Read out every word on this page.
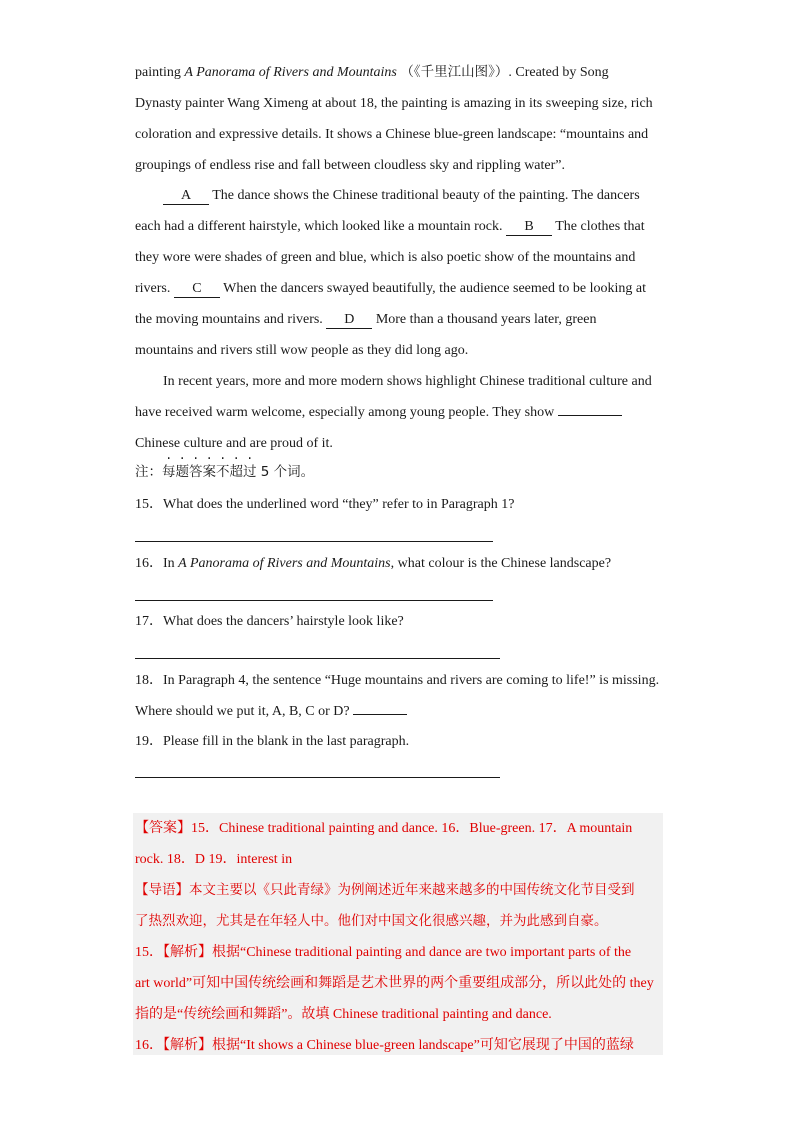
painting A Panorama of Rivers and Mountains （《千里江山图》）. Created by Song
Dynasty painter Wang Ximeng at about 18, the painting is amazing in its sweeping size, rich
coloration and expressive details. It shows a Chinese blue-green landscape: “mountains and
groupings of endless rise and fall between cloudless sky and rippling water”.
A The dance shows the Chinese traditional beauty of the painting. The dancers
each had a different hairstyle, which looked like a mountain rock. B The clothes that
they wore were shades of green and blue, which is also poetic show of the mountains and
rivers. C When the dancers swayed beautifully, the audience seemed to be looking at
the moving mountains and rivers. D More than a thousand years later, green
mountains and rivers still wow people as they did long ago.
In recent years, more and more modern shows highlight Chinese traditional culture and
have received warm welcome, especially among young people. They show
Chinese culture and are proud of it.
注：每题答案不超过 5 个词。
15．What does the underlined word “they” refer to in Paragraph 1?
16．In A Panorama of Rivers and Mountains, what colour is the Chinese landscape?
17．What does the dancers’ hairstyle look like?
18．In Paragraph 4, the sentence “Huge mountains and rivers are coming to life!” is missing.
Where should we put it, A, B, C or D?
19．Please fill in the blank in the last paragraph.
【答案】15．Chinese traditional painting and dance. 16．Blue-green. 17．A mountain
rock. 18．D 19．interest in
【导语】本文主要以《只此青绿》为例阐述近年来越来越多的中国传统文化节目受到
了热烈欢迎，尤其是在年轻人中。他们对中国文化很感兴趣，并为此感到自豪。
15．【解析】根据“Chinese traditional painting and dance are two important parts of the
art world”可知中国传统绘画和舞蹈是艺术世界的两个重要组成部分，所以此处的 they
指的是“传统绘画和舞蹈”。故填 Chinese traditional painting and dance.
16．【解析】根据“It shows a Chinese blue-green landscape”可知它展现了中国的蓝绿
